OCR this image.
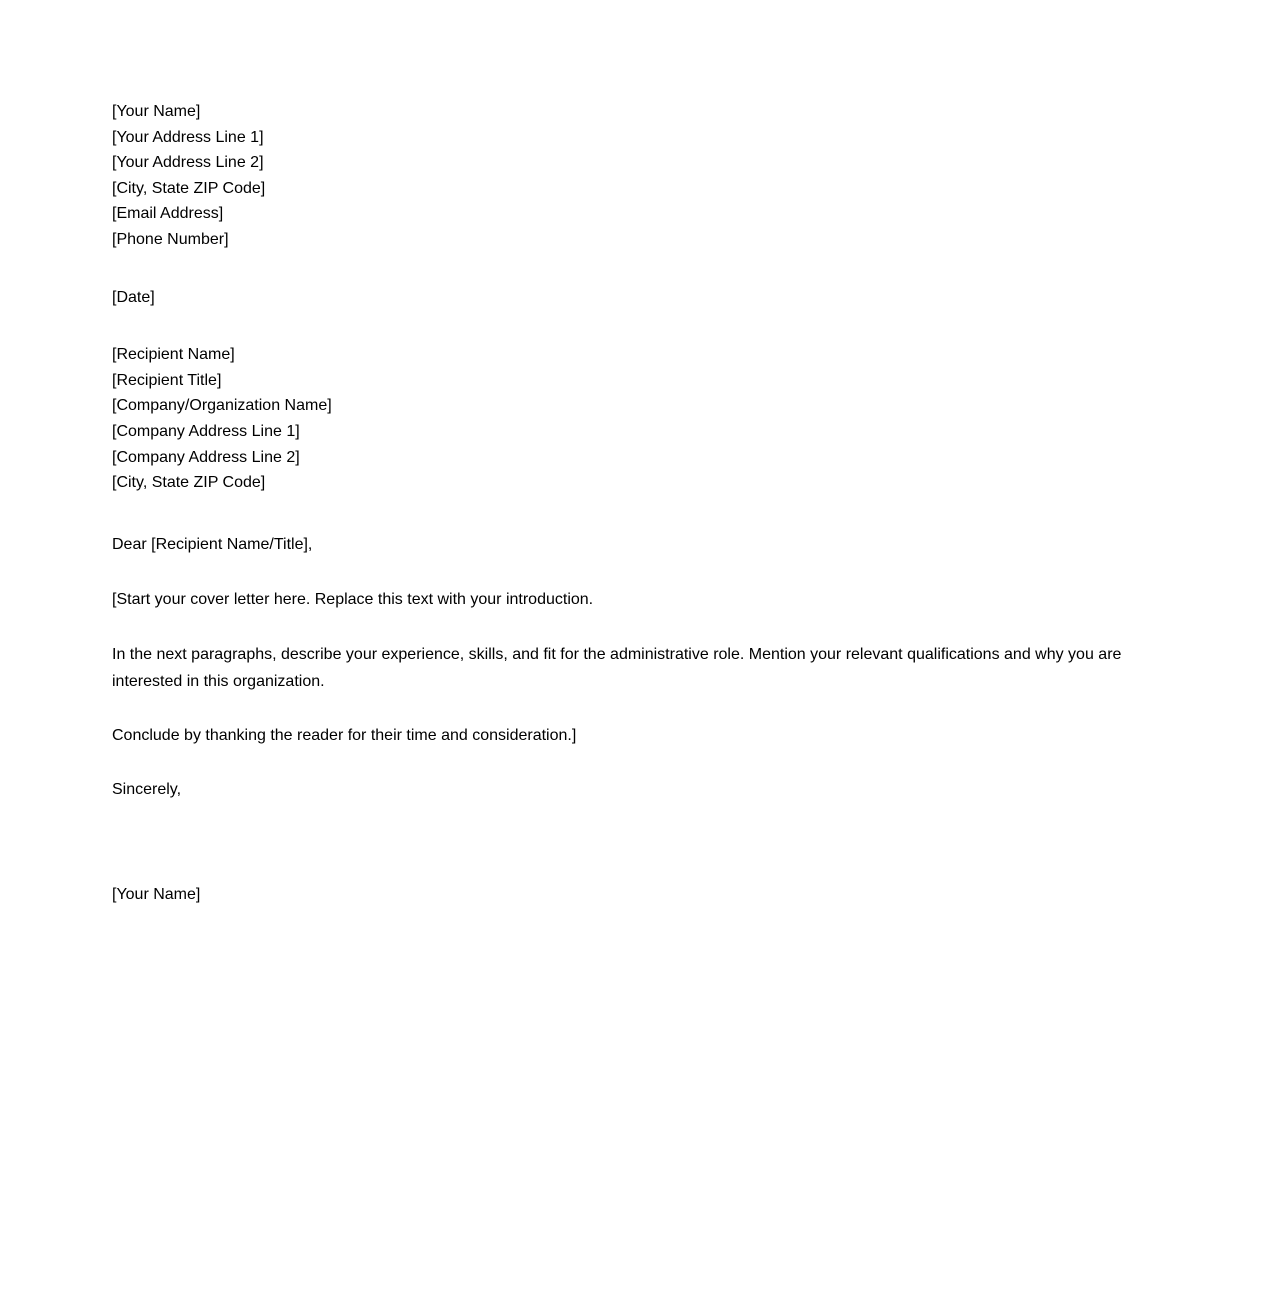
[Your Name]
[Your Address Line 1]
[Your Address Line 2]
[City, State ZIP Code]
[Email Address]
[Phone Number]
[Date]
[Recipient Name]
[Recipient Title]
[Company/Organization Name]
[Company Address Line 1]
[Company Address Line 2]
[City, State ZIP Code]
Dear [Recipient Name/Title],
[Start your cover letter here. Replace this text with your introduction.
In the next paragraphs, describe your experience, skills, and fit for the administrative role. Mention your relevant qualifications and why you are interested in this organization.
Conclude by thanking the reader for their time and consideration.]
Sincerely,
[Your Name]
